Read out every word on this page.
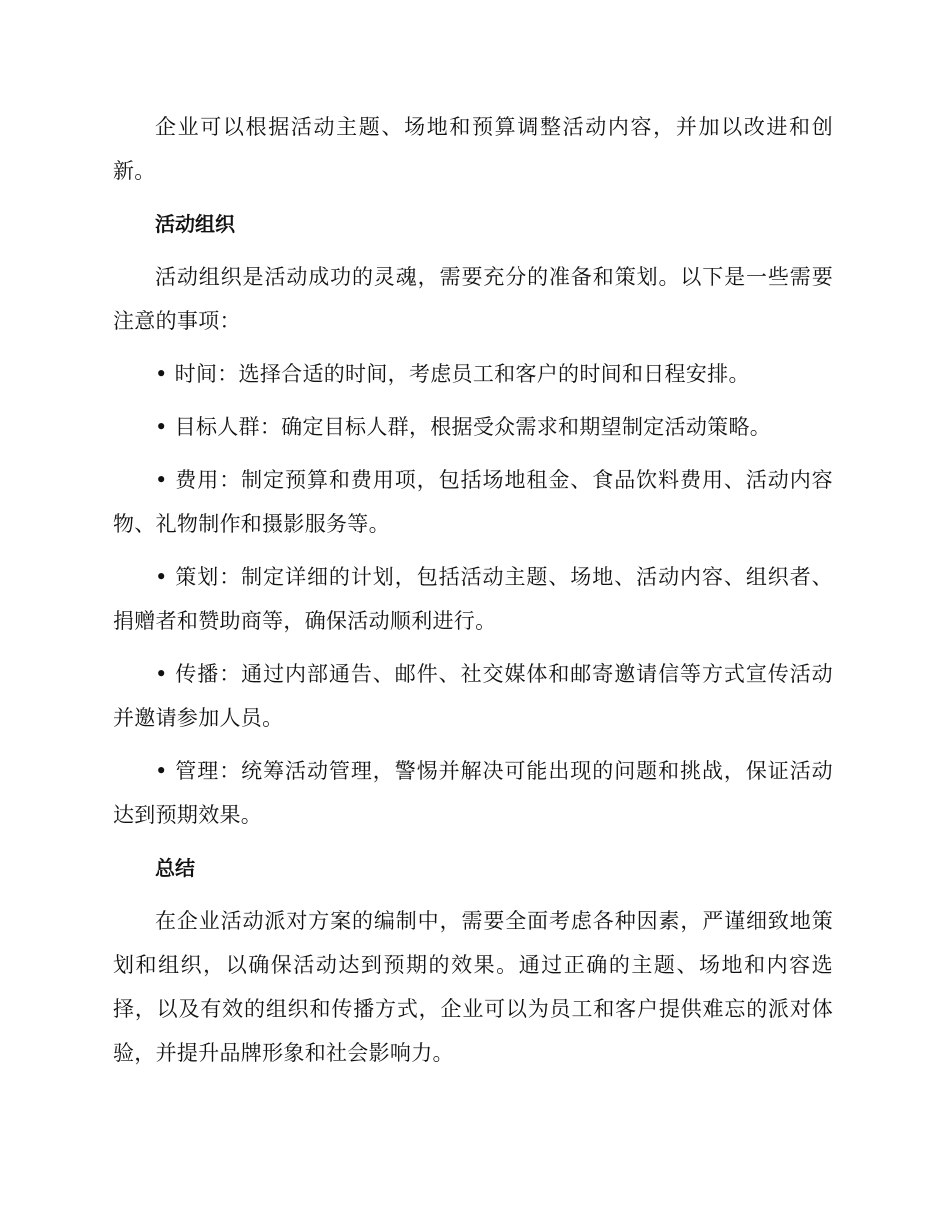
企业可以根据活动主题、场地和预算调整活动内容，并加以改进和创新。

活动组织

活动组织是活动成功的灵魂，需要充分的准备和策划。以下是一些需要注意的事项：

• 时间：选择合适的时间，考虑员工和客户的时间和日程安排。

• 目标人群：确定目标人群，根据受众需求和期望制定活动策略。

• 费用：制定预算和费用项，包括场地租金、食品饮料费用、活动内容物、礼物制作和摄影服务等。

• 策划：制定详细的计划，包括活动主题、场地、活动内容、组织者、捐赠者和赞助商等，确保活动顺利进行。

• 传播：通过内部通告、邮件、社交媒体和邮寄邀请信等方式宣传活动并邀请参加人员。

• 管理：统筹活动管理，警惕并解决可能出现的问题和挑战，保证活动达到预期效果。

总结

在企业活动派对方案的编制中，需要全面考虑各种因素，严谨细致地策划和组织，以确保活动达到预期的效果。通过正确的主题、场地和内容选择，以及有效的组织和传播方式，企业可以为员工和客户提供难忘的派对体验，并提升品牌形象和社会影响力。
